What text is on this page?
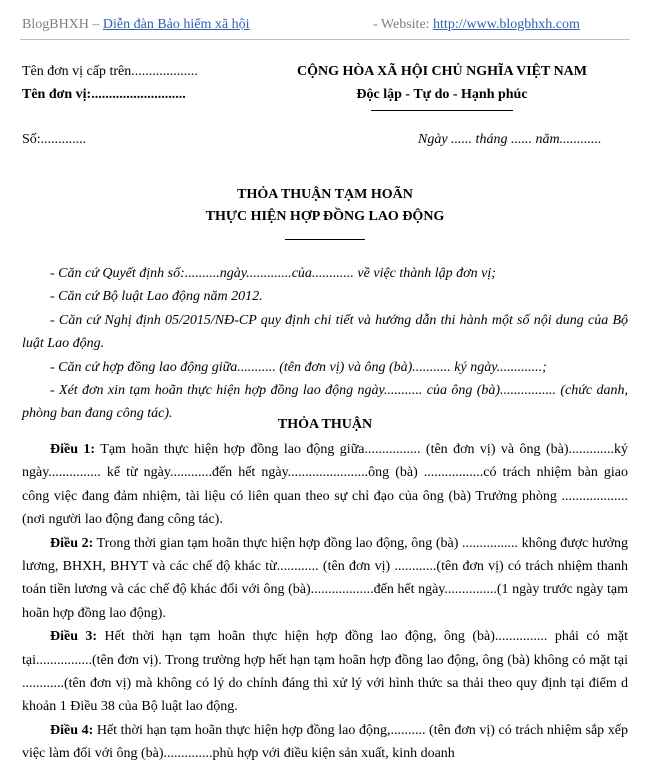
BlogBHXH – Diễn đàn Bảo hiểm xã hội	- Website: http://www.blogbhxh.com
Tên đơn vị cấp trên...................
Tên đơn vị:...........................
CỘNG HÒA XÃ HỘI CHỦ NGHĨA VIỆT NAM
Độc lập - Tự do - Hạnh phúc
Số:.............	Ngày ...... tháng ...... năm............
THỎA THUẬN TẠM HOÃN
THỰC HIỆN HỢP ĐỒNG LAO ĐỘNG

- Căn cứ Quyết định số:..........ngày.............của............ về việc thành lập đơn vị;

- Căn cứ Bộ luật Lao động năm 2012.

- Căn cứ Nghị định 05/2015/NĐ-CP quy định chi tiết và hướng dẫn thi hành một số nội dung của Bộ luật Lao động.

- Căn cứ hợp đồng lao động giữa........... (tên đơn vị) và ông (bà)........... ký ngày.............;

- Xét đơn xin tạm hoãn thực hiện hợp đồng lao động ngày........... của ông (bà)................ (chức danh, phòng ban đang công tác).

THỎA THUẬN

Điều 1: Tạm hoãn thực hiện hợp đồng lao động giữa................ (tên đơn vị) và ông (bà).............ký ngày............... kể từ ngày............đến hết ngày.......................ông (bà) .................có trách nhiệm bàn giao công việc đang đảm nhiệm, tài liệu có liên quan theo sự chỉ đạo của ông (bà) Trưởng phòng ...................(nơi người lao động đang công tác).

Điều 2: Trong thời gian tạm hoãn thực hiện hợp đồng lao động, ông (bà) ................ không được hưởng lương, BHXH, BHYT và các chế độ khác từ............ (tên đơn vị) ............(tên đơn vị) có trách nhiệm thanh toán tiền lương và các chế độ khác đối với ông (bà)..................đến hết ngày...............(1 ngày trước ngày tạm hoãn hợp đồng lao động).

Điều 3: Hết thời hạn tạm hoãn thực hiện hợp đồng lao động, ông (bà)............... phải có mặt tại................(tên đơn vị). Trong trường hợp hết hạn tạm hoãn hợp đồng lao động, ông (bà) không có mặt tại ............(tên đơn vị) mà không có lý do chính đáng thì xử lý với hình thức sa thải theo quy định tại điểm d khoản 1 Điều 38 của Bộ luật lao động.

Điều 4: Hết thời hạn tạm hoãn thực hiện hợp đồng lao động,.......... (tên đơn vị) có trách nhiệm sắp xếp việc làm đối với ông (bà)..............phù hợp với điều kiện sản xuất, kinh doanh
